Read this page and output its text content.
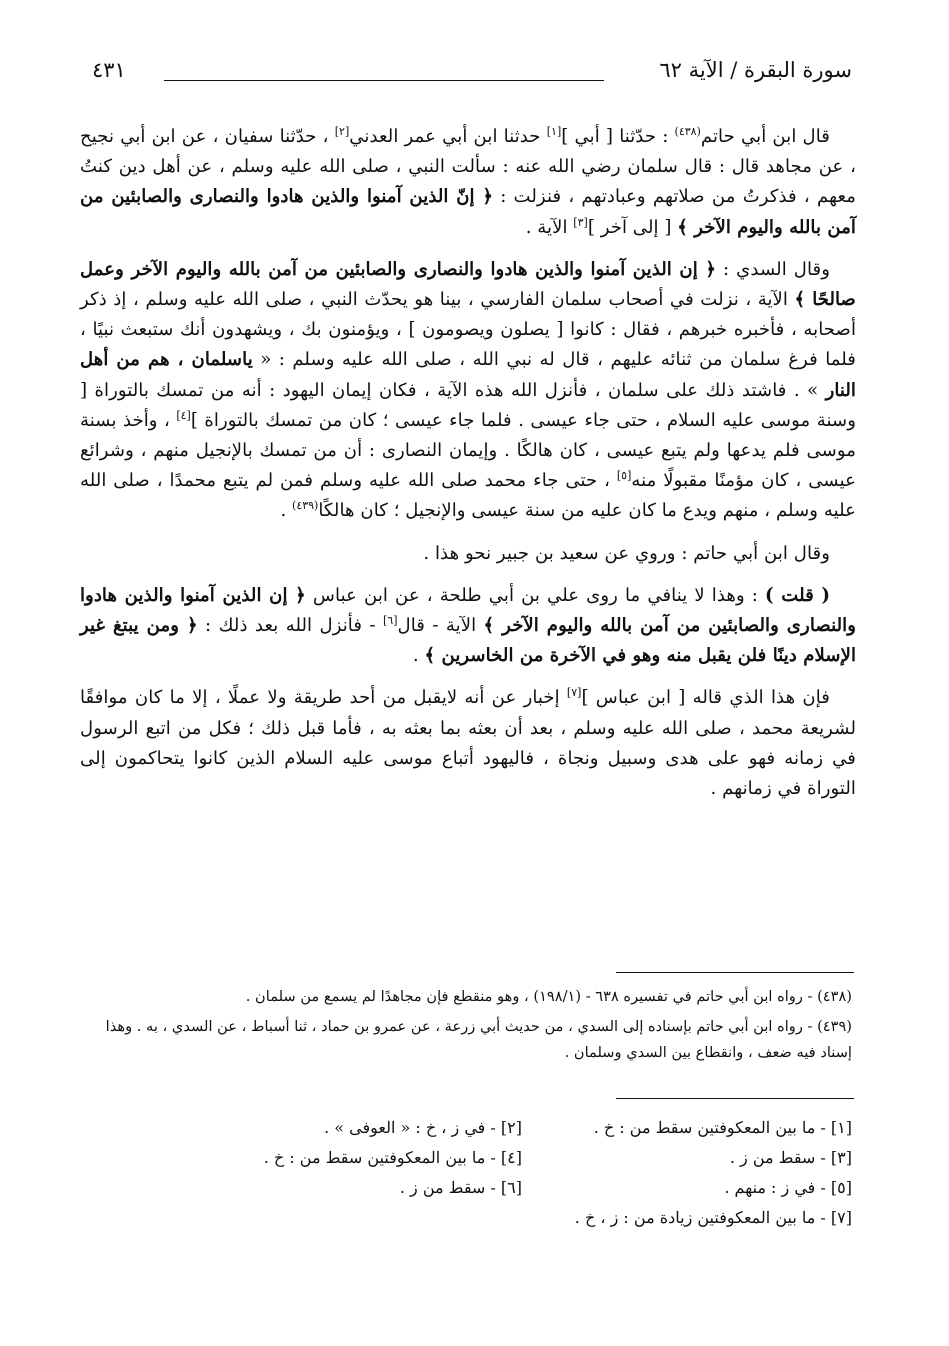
سورة البقرة / الآية ٦٢
٤٣١

قال ابن أبي حاتم$^{(٤٣٨)}$ : حدّثنا [ أبي ][١] حدثنا ابن أبي عمر العدني[٢] ، حدّثنا سفيان ، عن ابن أبي نجيح ، عن مجاهد قال : قال سلمان رضي الله عنه : سألت النبي ، صلى الله عليه وسلم ، عن أهل دين كنتُ معهم ، فذكرتُ من صلاتهم وعبادتهم ، فنزلت : ﴿ إنّ الذين آمنوا والذين هادوا والنصارى والصابئين من آمن بالله واليوم الآخر ﴾ [ إلى آخر ][٣] الآية .

وقال السدي : ﴿ إن الذين آمنوا والذين هادوا والنصارى والصابئين من آمن بالله واليوم الآخر وعمل صالحًا ﴾ الآية ، نزلت في أصحاب سلمان الفارسي ، بينا هو يحدّث النبي ، صلى الله عليه وسلم ، إذ ذكر أصحابه ، فأخبره خبرهم ، فقال : كانوا [ يصلون ويصومون ] ، ويؤمنون بك ، ويشهدون أنك ستبعث نبيًا ، فلما فرغ سلمان من ثنائه عليهم ، قال له نبي الله ، صلى الله عليه وسلم : « ياسلمان ، هم من أهل النار » . فاشتد ذلك على سلمان ، فأنزل الله هذه الآية ، فكان إيمان اليهود : أنه من تمسك بالتوراة [ وسنة موسى عليه السلام ، حتى جاء عيسى . فلما جاء عيسى ؛ كان من تمسك بالتوراة ][٤] ، وأخذ بسنة موسى فلم يدعها ولم يتبع عيسى ، كان هالكًا . وإيمان النصارى : أن من تمسك بالإنجيل منهم ، وشرائع عيسى ، كان مؤمنًا مقبولًا منه[٥] ، حتى جاء محمد صلى الله عليه وسلم فمن لم يتبع محمدًا ، صلى الله عليه وسلم ، منهم ويدع ما كان عليه من سنة عيسى والإنجيل ؛ كان هالكًا$^{(٤٣٩)}$ .

وقال ابن أبي حاتم : وروي عن سعيد بن جبير نحو هذا .

( قلت ) : وهذا لا ينافي ما روى علي بن أبي طلحة ، عن ابن عباس ﴿ إن الذين آمنوا والذين هادوا والنصارى والصابئين من آمن بالله واليوم الآخر ﴾ الآية - قال[٦] - فأنزل الله بعد ذلك : ﴿ ومن يبتغ غير الإسلام دينًا فلن يقبل منه وهو في الآخرة من الخاسرين ﴾ .

فإن هذا الذي قاله [ ابن عباس ][٧] إخبار عن أنه لايقبل من أحد طريقة ولا عملًا ، إلا ما كان موافقًا لشريعة محمد ، صلى الله عليه وسلم ، بعد أن بعثه بما بعثه به ، فأما قبل ذلك ؛ فكل من اتبع الرسول في زمانه فهو على هدى وسبيل ونجاة ، فاليهود أتباع موسى عليه السلام الذين كانوا يتحاكمون إلى التوراة في زمانهم .

(٤٣٨) - رواه ابن أبي حاتم في تفسيره ٦٣٨ - (١٩٨/١) ، وهو منقطع فإن مجاهدًا لم يسمع من سلمان .

(٤٣٩) - رواه ابن أبي حاتم بإسناده إلى السدي ، من حديث أبي زرعة ، عن عمرو بن حماد ، ثنا أسباط ، عن السدي ، به . وهذا إسناد فيه ضعف ، وانقطاع بين السدي وسلمان .

[١] - ما بين المعكوفتين سقط من : خ .
[٢] - في ز ، خ : « العوفى » .
[٣] - سقط من ز .
[٤] - ما بين المعكوفتين سقط من : خ .
[٥] - في ز : منهم .
[٦] - سقط من ز .
[٧] - ما بين المعكوفتين زيادة من : ز ، خ .
